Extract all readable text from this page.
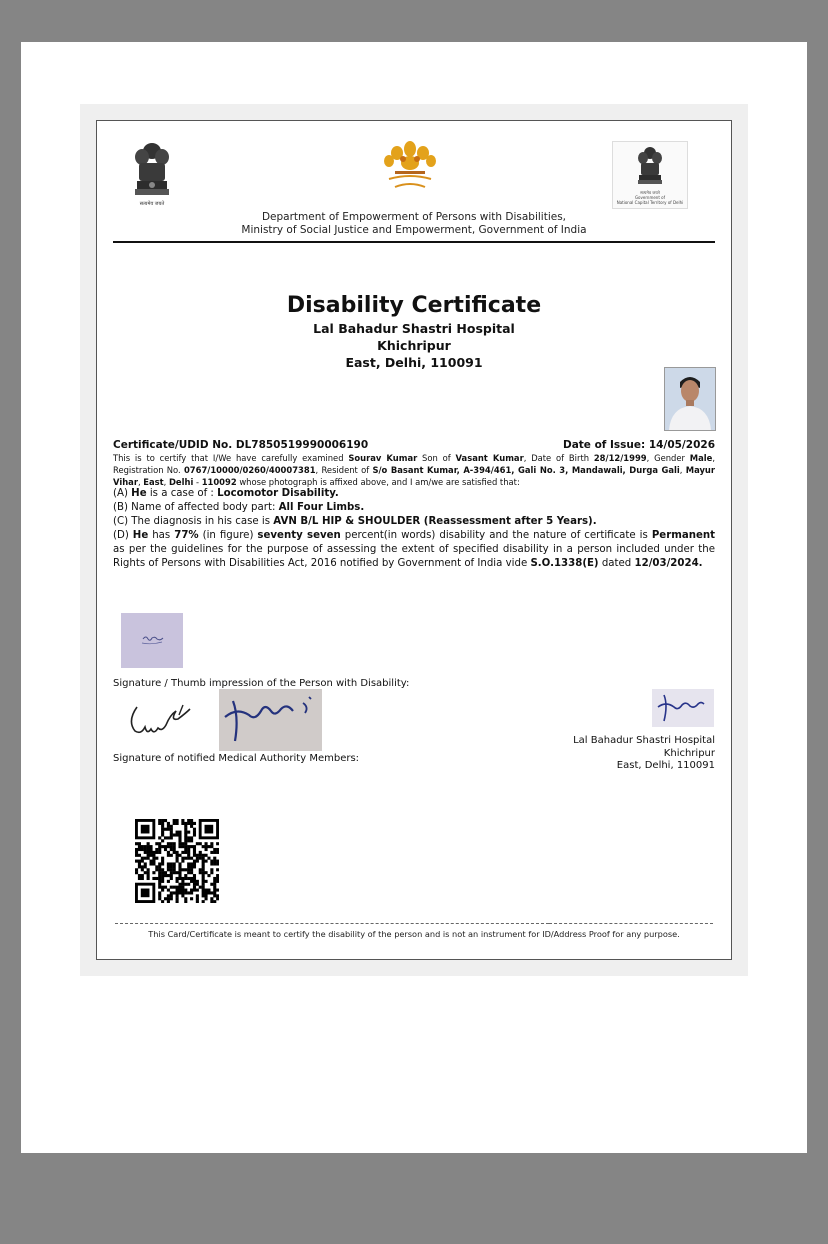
सत्यमेव जयते
सत्यमेव जयते
Government of
National Capital Territory of Delhi
Department of Empowerment of Persons with Disabilities,
Ministry of Social Justice and Empowerment, Government of India
Disability Certificate
Lal Bahadur Shastri Hospital
Khichripur
East, Delhi, 110091
Certificate/UDID No. DL7850519990006190	Date of Issue: 14/05/2026
This is to certify that I/We have carefully examined Sourav Kumar Son of Vasant Kumar, Date of Birth 28/12/1999, Gender Male, Registration No. 0767/10000/0260/40007381, Resident of S/o Basant Kumar, A-394/461, Gali No. 3, Mandawali, Durga Gali, Mayur Vihar, East, Delhi - 110092 whose photograph is affixed above, and I am/we are satisfied that:

(A) He is a case of : Locomotor Disability.

(B) Name of affected body part: All Four Limbs.

(C) The diagnosis in his case is AVN B/L HIP & SHOULDER (Reassessment after 5 Years).

(D) He has 77% (in figure) seventy seven percent(in words) disability and the nature of certificate is Permanent as per the guidelines for the purpose of assessing the extent of specified disability in a person included under the Rights of Persons with Disabilities Act, 2016 notified by Government of India vide S.O.1338(E) dated 12/03/2024.

Signature / Thumb impression of the Person with Disability:
Signature of notified Medical Authority Members:
Lal Bahadur Shastri Hospital
Khichripur
East, Delhi, 110091
This Card/Certificate is meant to certify the disability of the person and is not an instrument for ID/Address Proof for any purpose.
